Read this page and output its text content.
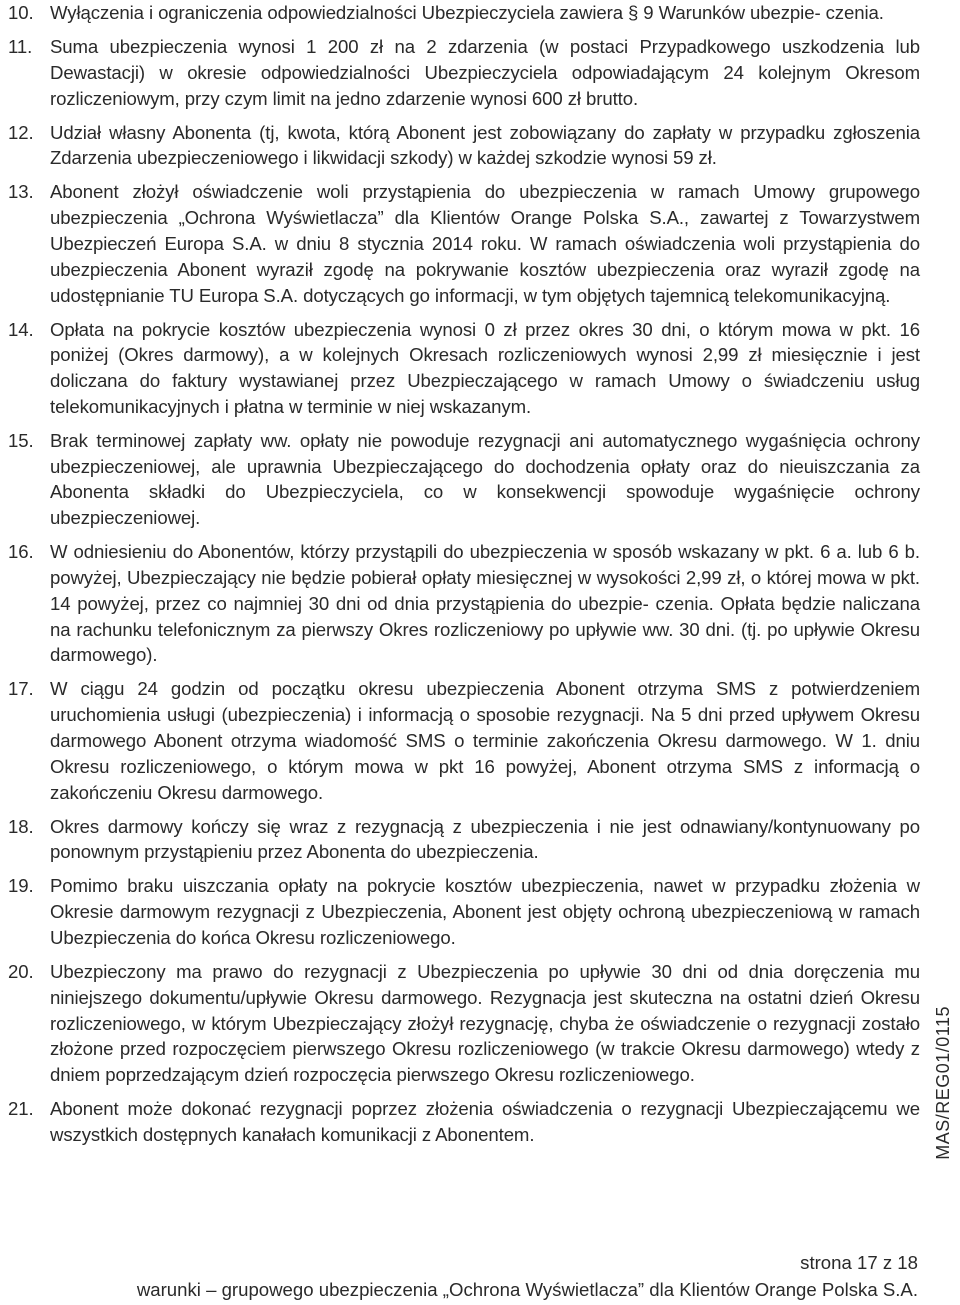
10. Wyłączenia i ograniczenia odpowiedzialności Ubezpieczyciela zawiera § 9 Warunków ubezpie- czenia.
11. Suma ubezpieczenia wynosi 1 200 zł na 2 zdarzenia (w postaci Przypadkowego uszkodzenia lub Dewastacji) w okresie odpowiedzialności Ubezpieczyciela odpowiadającym 24 kolejnym Okresom rozliczeniowym, przy czym limit na jedno zdarzenie wynosi 600 zł brutto.
12. Udział własny Abonenta (tj, kwota, którą Abonent jest zobowiązany do zapłaty w przypadku zgłoszenia Zdarzenia ubezpieczeniowego i likwidacji szkody) w każdej szkodzie wynosi 59 zł.
13. Abonent złożył oświadczenie woli przystąpienia do ubezpieczenia w ramach Umowy grupowego ubezpieczenia „Ochrona Wyświetlacza” dla Klientów Orange Polska S.A., zawartej z Towarzystwem Ubezpieczeń Europa S.A. w dniu 8 stycznia 2014 roku. W ramach oświadczenia woli przystąpienia do ubezpieczenia Abonent wyraził zgodę na pokrywanie kosztów ubezpieczenia oraz wyraził zgodę na udostępnianie TU Europa S.A. dotyczących go informacji, w tym objętych tajemnicą telekomunikacyjną.
14. Opłata na pokrycie kosztów ubezpieczenia wynosi 0 zł przez okres 30 dni, o którym mowa w pkt. 16 poniżej (Okres darmowy), a w kolejnych Okresach rozliczeniowych wynosi 2,99 zł miesięcznie i jest doliczana do faktury wystawianej przez Ubezpieczającego w ramach Umowy o świadczeniu usług telekomunikacyjnych i płatna w terminie w niej wskazanym.
15. Brak terminowej zapłaty ww. opłaty nie powoduje rezygnacji ani automatycznego wygaśnięcia ochrony ubezpieczeniowej, ale uprawnia Ubezpieczającego do dochodzenia opłaty oraz do nieuiszczania za Abonenta składki do Ubezpieczyciela, co w konsekwencji spowoduje wygaśnięcie ochrony ubezpieczeniowej.
16. W odniesieniu do Abonentów, którzy przystąpili do ubezpieczenia w sposób wskazany w pkt. 6 a. lub 6 b. powyżej, Ubezpieczający nie będzie pobierał opłaty miesięcznej w wysokości 2,99 zł, o której mowa w pkt. 14 powyżej, przez co najmniej 30 dni od dnia przystąpienia do ubezpie- czenia. Opłata będzie naliczana na rachunku telefonicznym za pierwszy Okres rozliczeniowy po upływie ww. 30 dni. (tj. po upływie Okresu darmowego).
17. W ciągu 24 godzin od początku okresu ubezpieczenia Abonent otrzyma SMS z potwierdzeniem uruchomienia usługi (ubezpieczenia) i informacją o sposobie rezygnacji. Na 5 dni przed upływem Okresu darmowego Abonent otrzyma wiadomość SMS o terminie zakończenia Okresu darmowego. W 1. dniu Okresu rozliczeniowego, o którym mowa w pkt 16 powyżej, Abonent otrzyma SMS z informacją o zakończeniu Okresu darmowego.
18. Okres darmowy kończy się wraz z rezygnacją z ubezpieczenia i nie jest odnawiany/kontynuowany po ponownym przystąpieniu przez Abonenta do ubezpieczenia.
19. Pomimo braku uiszczania opłaty na pokrycie kosztów ubezpieczenia, nawet w przypadku złożenia w Okresie darmowym rezygnacji z Ubezpieczenia, Abonent jest objęty ochroną ubezpieczeniową w ramach Ubezpieczenia do końca Okresu rozliczeniowego.
20. Ubezpieczony ma prawo do rezygnacji z Ubezpieczenia po upływie 30 dni od dnia doręczenia mu niniejszego dokumentu/upływie Okresu darmowego. Rezygnacja jest skuteczna na ostatni dzień Okresu rozliczeniowego, w którym Ubezpieczający złożył rezygnację, chyba że oświadczenie o rezygnacji zostało złożone przed rozpoczęciem pierwszego Okresu rozliczeniowego (w trakcie Okresu darmowego) wtedy z dniem poprzedzającym dzień rozpoczęcia pierwszego Okresu rozliczeniowego.
21. Abonent może dokonać rezygnacji poprzez złożenia oświadczenia o rezygnacji Ubezpieczającemu we wszystkich dostępnych kanałach komunikacji z Abonentem.	MAS/REG01/0115
strona 17 z 18
warunki – grupowego ubezpieczenia „Ochrona Wyświetlacza” dla Klientów Orange Polska S.A.
